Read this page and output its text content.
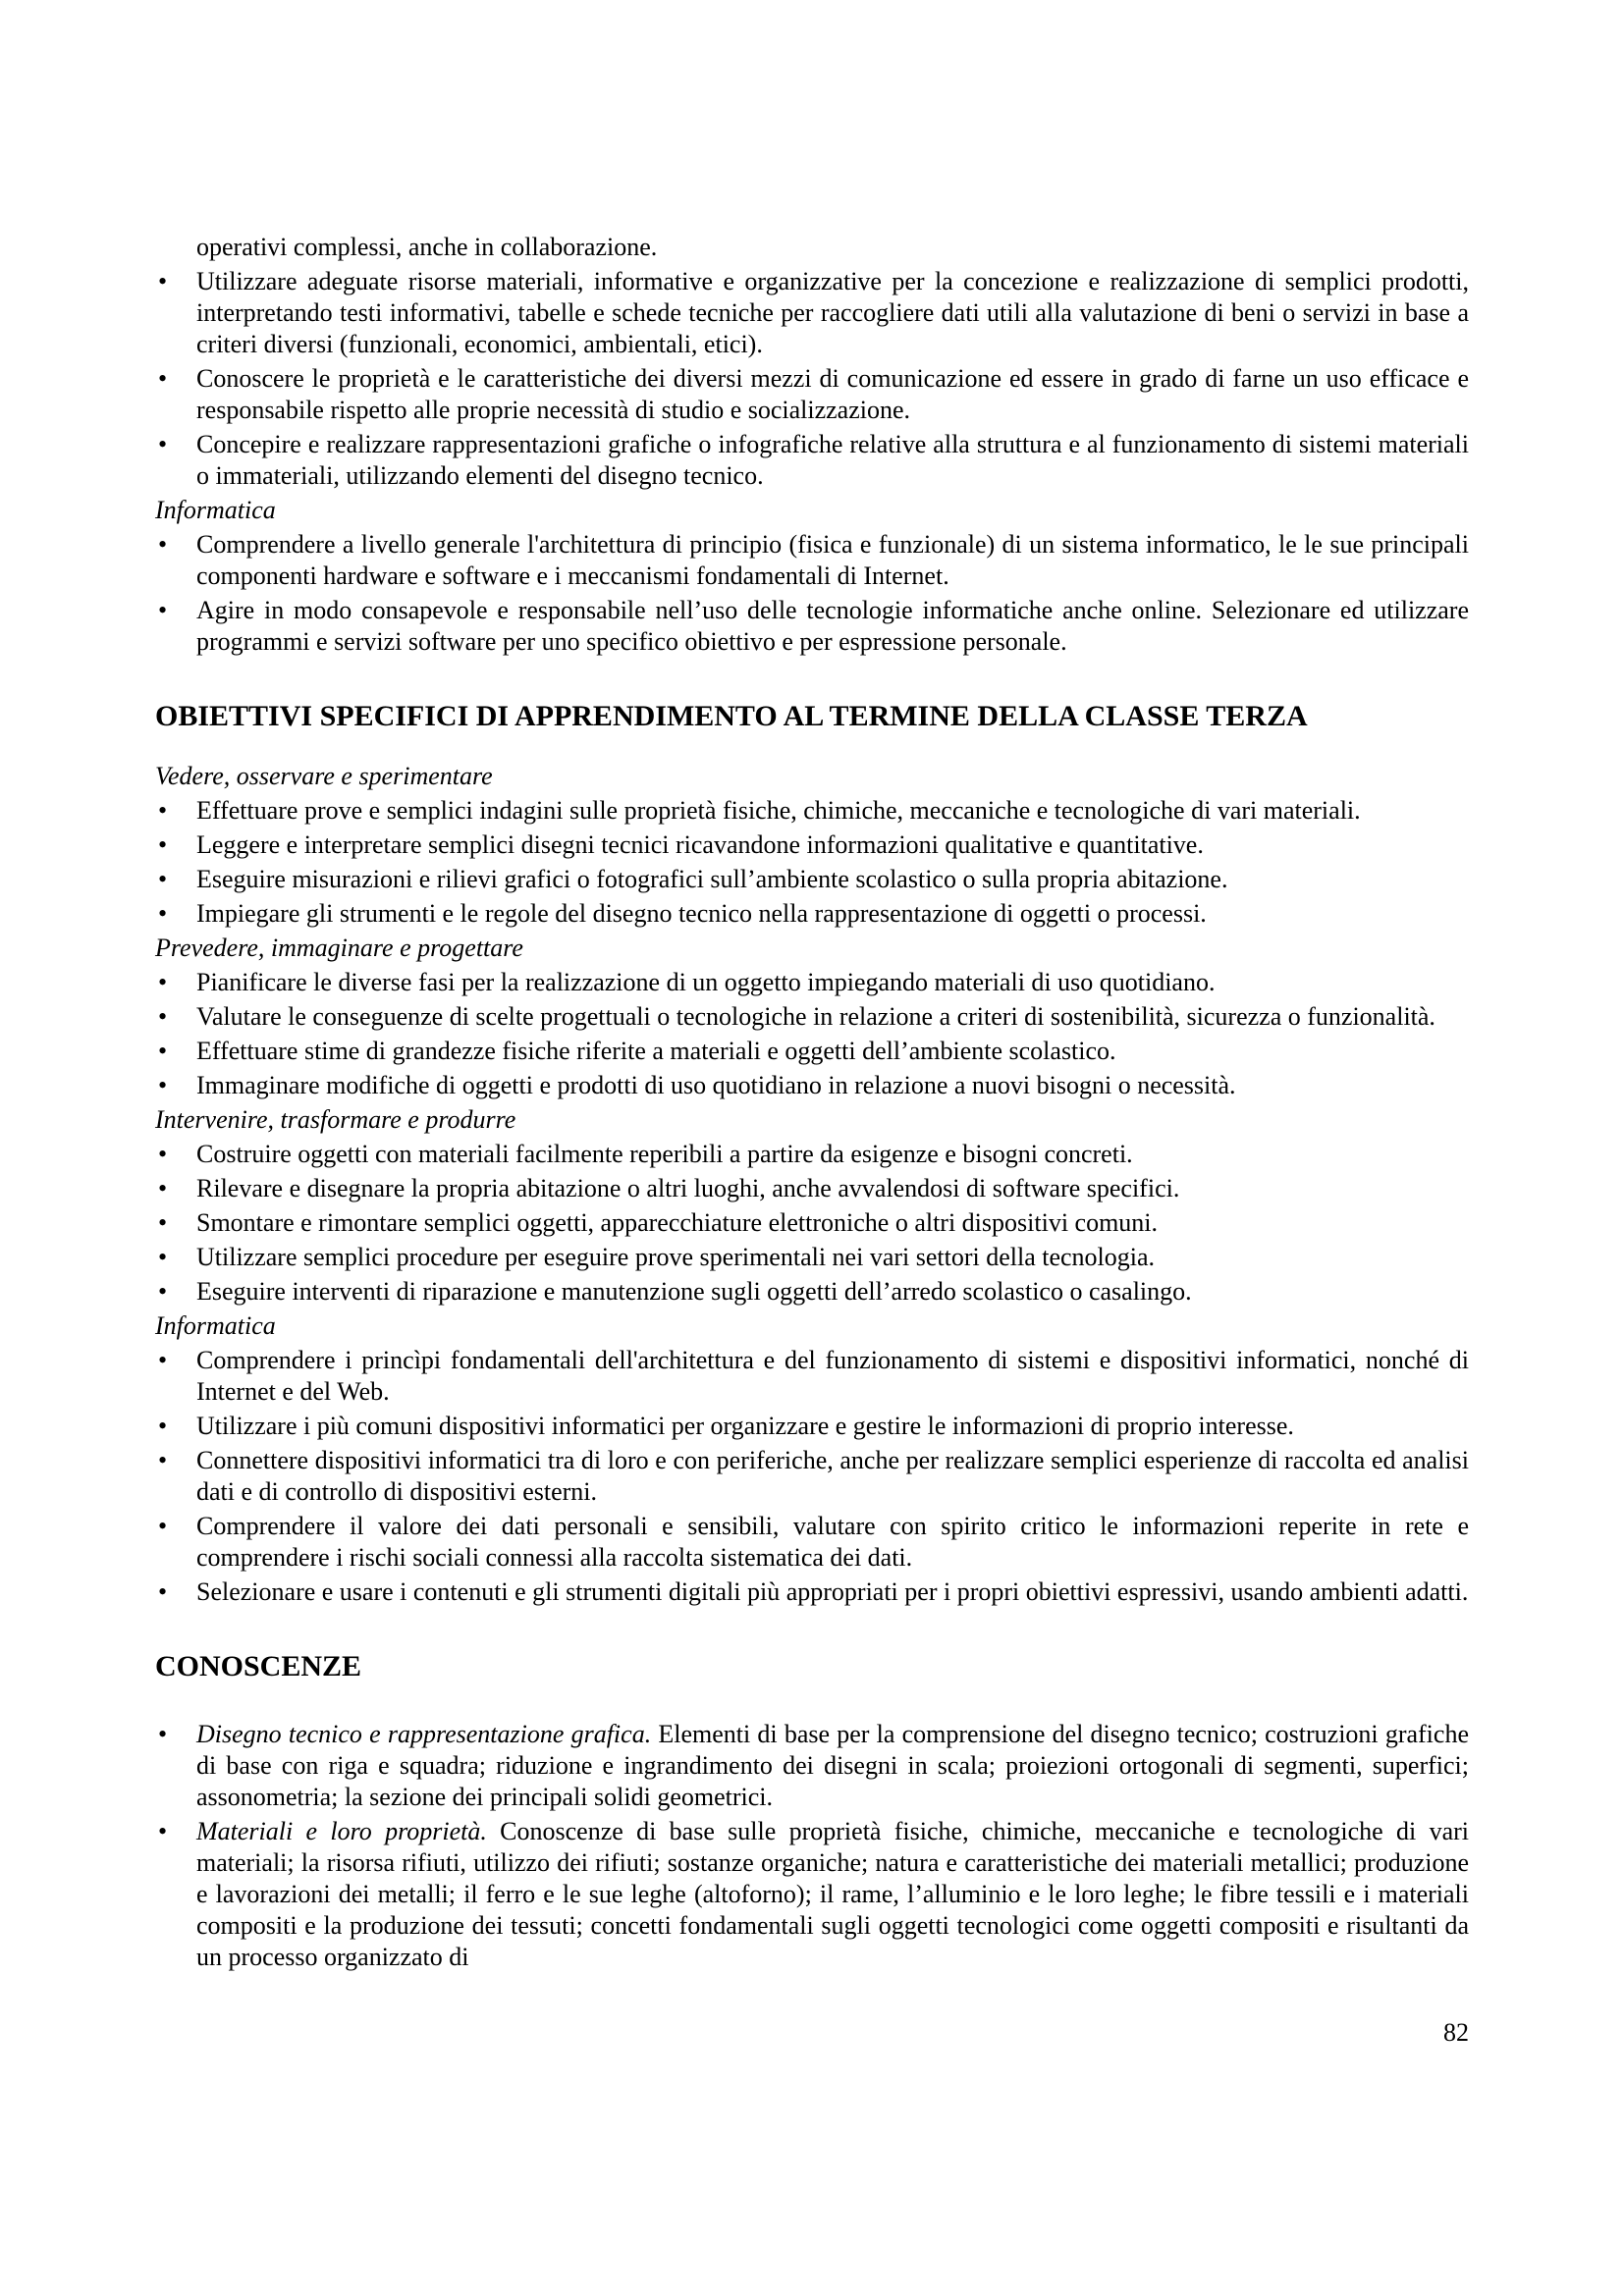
operativi complessi, anche in collaborazione.

• Utilizzare adeguate risorse materiali, informative e organizzative per la concezione e realizzazione di semplici prodotti, interpretando testi informativi, tabelle e schede tecniche per raccogliere dati utili alla valutazione di beni o servizi in base a criteri diversi (funzionali, economici, ambientali, etici).
• Conoscere le proprietà e le caratteristiche dei diversi mezzi di comunicazione ed essere in grado di farne un uso efficace e responsabile rispetto alle proprie necessità di studio e socializzazione.
• Concepire e realizzare rappresentazioni grafiche o infografiche relative alla struttura e al funzionamento di sistemi materiali o immateriali, utilizzando elementi del disegno tecnico.

Informatica

• Comprendere a livello generale l'architettura di principio (fisica e funzionale) di un sistema informatico, le le sue principali componenti hardware e software e i meccanismi fondamentali di Internet.
• Agire in modo consapevole e responsabile nell’uso delle tecnologie informatiche anche online. Selezionare ed utilizzare programmi e servizi software per uno specifico obiettivo e per espressione personale.

OBIETTIVI SPECIFICI DI APPRENDIMENTO AL TERMINE DELLA CLASSE TERZA

Vedere, osservare e sperimentare

• Effettuare prove e semplici indagini sulle proprietà fisiche, chimiche, meccaniche e tecnologiche di vari materiali.
• Leggere e interpretare semplici disegni tecnici ricavandone informazioni qualitative e quantitative.
• Eseguire misurazioni e rilievi grafici o fotografici sull’ambiente scolastico o sulla propria abitazione.
• Impiegare gli strumenti e le regole del disegno tecnico nella rappresentazione di oggetti o processi.

Prevedere, immaginare e progettare

• Pianificare le diverse fasi per la realizzazione di un oggetto impiegando materiali di uso quotidiano.
• Valutare le conseguenze di scelte progettuali o tecnologiche in relazione a criteri di sostenibilità, sicurezza o funzionalità.
• Effettuare stime di grandezze fisiche riferite a materiali e oggetti dell’ambiente scolastico.
• Immaginare modifiche di oggetti e prodotti di uso quotidiano in relazione a nuovi bisogni o necessità.

Intervenire, trasformare e produrre

• Costruire oggetti con materiali facilmente reperibili a partire da esigenze e bisogni concreti.
• Rilevare e disegnare la propria abitazione o altri luoghi, anche avvalendosi di software specifici.
• Smontare e rimontare semplici oggetti, apparecchiature elettroniche o altri dispositivi comuni.
• Utilizzare semplici procedure per eseguire prove sperimentali nei vari settori della tecnologia.
• Eseguire interventi di riparazione e manutenzione sugli oggetti dell’arredo scolastico o casalingo.

Informatica

• Comprendere i princìpi fondamentali dell'architettura e del funzionamento di sistemi e dispositivi informatici, nonché di Internet e del Web.
• Utilizzare i più comuni dispositivi informatici per organizzare e gestire le informazioni di proprio interesse.
• Connettere dispositivi informatici tra di loro e con periferiche, anche per realizzare semplici esperienze di raccolta ed analisi dati e di controllo di dispositivi esterni.
• Comprendere il valore dei dati personali e sensibili, valutare con spirito critico le informazioni reperite in rete e comprendere i rischi sociali connessi alla raccolta sistematica dei dati.
• Selezionare e usare i contenuti e gli strumenti digitali più appropriati per i propri obiettivi espressivi, usando ambienti adatti.

CONOSCENZE

• Disegno tecnico e rappresentazione grafica. Elementi di base per la comprensione del disegno tecnico; costruzioni grafiche di base con riga e squadra; riduzione e ingrandimento dei disegni in scala; proiezioni ortogonali di segmenti, superfici; assonometria; la sezione dei principali solidi geometrici.
• Materiali e loro proprietà. Conoscenze di base sulle proprietà fisiche, chimiche, meccaniche e tecnologiche di vari materiali; la risorsa rifiuti, utilizzo dei rifiuti; sostanze organiche; natura e caratteristiche dei materiali metallici; produzione e lavorazioni dei metalli; il ferro e le sue leghe (altoforno); il rame, l’alluminio e le loro leghe; le fibre tessili e i materiali compositi e la produzione dei tessuti; concetti fondamentali sugli oggetti tecnologici come oggetti compositi e risultanti da un processo organizzato di

82
